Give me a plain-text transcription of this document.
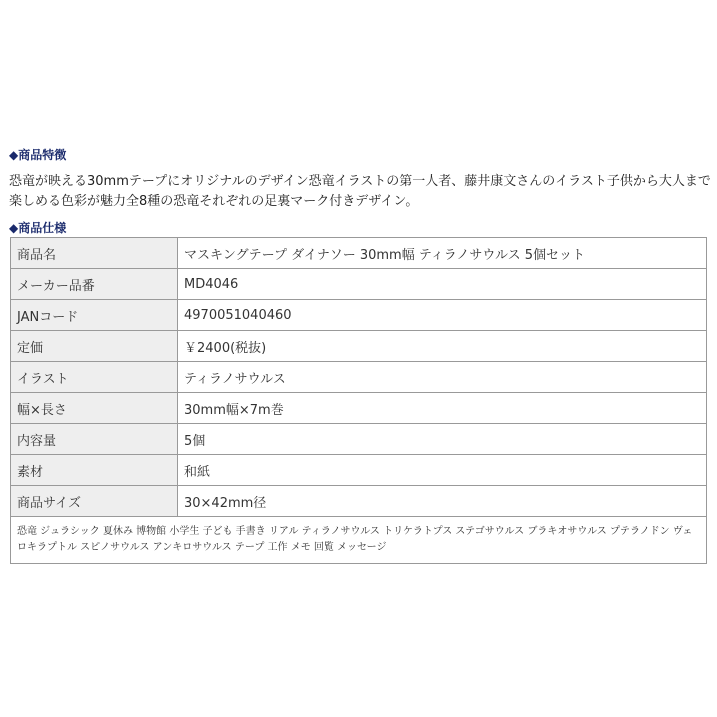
◆商品特徴
恐竜が映える30mmテープにオリジナルのデザイン恐竜イラストの第一人者、藤井康文さんのイラスト子供から大人まで
楽しめる色彩が魅力全8種の恐竜それぞれの足裏マーク付きデザイン。
◆商品仕様
商品名	マスキングテープ ダイナソー 30mm幅 ティラノサウルス 5個セット
メーカー品番	MD4046
JANコード	4970051040460
定価	￥2400(税抜)
イラスト	ティラノサウルス
幅×長さ	30mm幅×7m巻
内容量	5個
素材	和紙
商品サイズ	30×42mm径
恐竜 ジュラシック 夏休み 博物館 小学生 子ども 手書き リアル ティラノサウルス トリケラトプス ステゴサウルス ブラキオサウルス プテラノドン ヴェロキラプトル スピノサウルス アンキロサウルス テープ 工作 メモ 回覧 メッセージ	
